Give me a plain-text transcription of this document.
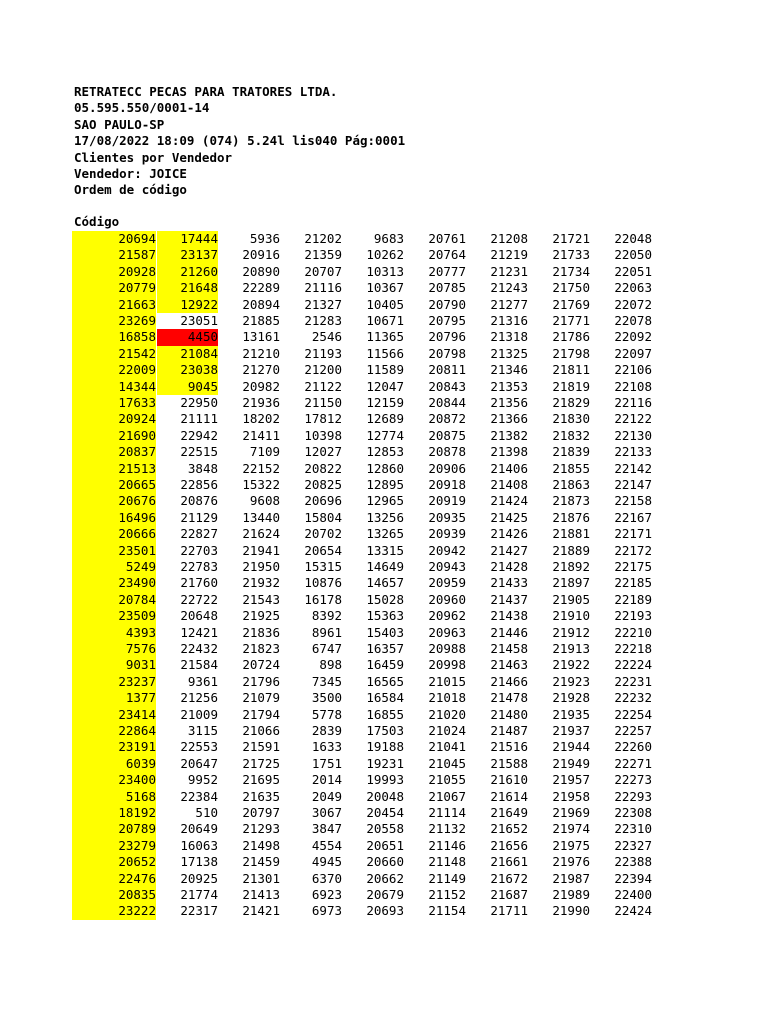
RETRATECC PECAS PARA TRATORES LTDA.
05.595.550/0001-14
SAO PAULO-SP
17/08/2022 18:09 (074) 5.24l lis040 Pág:0001
Clientes por Vendedor
Vendedor: JOICE
Ordem de código
Código
20694	17444	5936	21202	9683	20761	21208	21721	22048
21587	23137	20916	21359	10262	20764	21219	21733	22050
20928	21260	20890	20707	10313	20777	21231	21734	22051
20779	21648	22289	21116	10367	20785	21243	21750	22063
21663	12922	20894	21327	10405	20790	21277	21769	22072
23269	23051	21885	21283	10671	20795	21316	21771	22078
16858	4450	13161	2546	11365	20796	21318	21786	22092
21542	21084	21210	21193	11566	20798	21325	21798	22097
22009	23038	21270	21200	11589	20811	21346	21811	22106
14344	9045	20982	21122	12047	20843	21353	21819	22108
17633	22950	21936	21150	12159	20844	21356	21829	22116
20924	21111	18202	17812	12689	20872	21366	21830	22122
21690	22942	21411	10398	12774	20875	21382	21832	22130
20837	22515	7109	12027	12853	20878	21398	21839	22133
21513	3848	22152	20822	12860	20906	21406	21855	22142
20665	22856	15322	20825	12895	20918	21408	21863	22147
20676	20876	9608	20696	12965	20919	21424	21873	22158
16496	21129	13440	15804	13256	20935	21425	21876	22167
20666	22827	21624	20702	13265	20939	21426	21881	22171
23501	22703	21941	20654	13315	20942	21427	21889	22172
5249	22783	21950	15315	14649	20943	21428	21892	22175
23490	21760	21932	10876	14657	20959	21433	21897	22185
20784	22722	21543	16178	15028	20960	21437	21905	22189
23509	20648	21925	8392	15363	20962	21438	21910	22193
4393	12421	21836	8961	15403	20963	21446	21912	22210
7576	22432	21823	6747	16357	20988	21458	21913	22218
9031	21584	20724	898	16459	20998	21463	21922	22224
23237	9361	21796	7345	16565	21015	21466	21923	22231
1377	21256	21079	3500	16584	21018	21478	21928	22232
23414	21009	21794	5778	16855	21020	21480	21935	22254
22864	3115	21066	2839	17503	21024	21487	21937	22257
23191	22553	21591	1633	19188	21041	21516	21944	22260
6039	20647	21725	1751	19231	21045	21588	21949	22271
23400	9952	21695	2014	19993	21055	21610	21957	22273
5168	22384	21635	2049	20048	21067	21614	21958	22293
18192	510	20797	3067	20454	21114	21649	21969	22308
20789	20649	21293	3847	20558	21132	21652	21974	22310
23279	16063	21498	4554	20651	21146	21656	21975	22327
20652	17138	21459	4945	20660	21148	21661	21976	22388
22476	20925	21301	6370	20662	21149	21672	21987	22394
20835	21774	21413	6923	20679	21152	21687	21989	22400
23222	22317	21421	6973	20693	21154	21711	21990	22424
